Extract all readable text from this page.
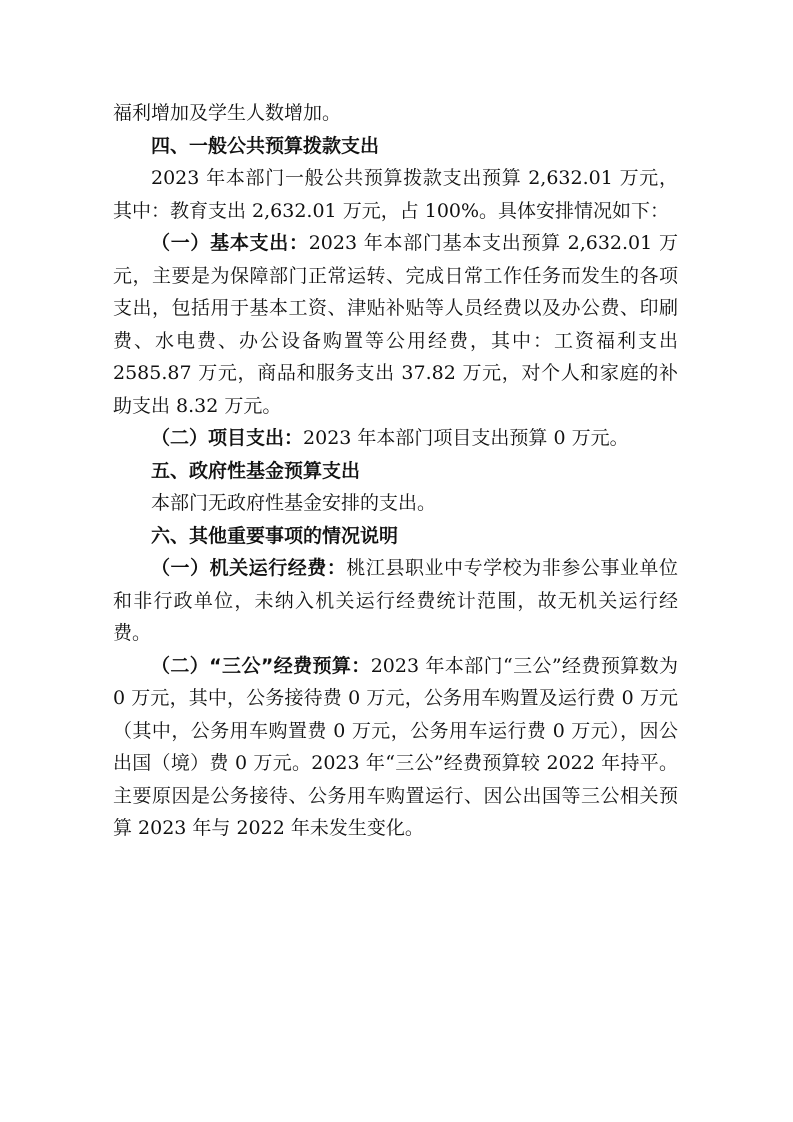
福利增加及学生人数增加。

四、一般公共预算拨款支出

2023 年本部门一般公共预算拨款支出预算 2,632.01 万元，其中：教育支出 2,632.01 万元，占 100%。具体安排情况如下：

（一）基本支出：2023 年本部门基本支出预算 2,632.01 万元，主要是为保障部门正常运转、完成日常工作任务而发生的各项支出，包括用于基本工资、津贴补贴等人员经费以及办公费、印刷费、水电费、办公设备购置等公用经费，其中：工资福利支出 2585.87 万元，商品和服务支出 37.82 万元，对个人和家庭的补助支出 8.32 万元。

（二）项目支出：2023 年本部门项目支出预算 0 万元。

五、政府性基金预算支出

本部门无政府性基金安排的支出。

六、其他重要事项的情况说明

（一）机关运行经费：桃江县职业中专学校为非参公事业单位和非行政单位，未纳入机关运行经费统计范围，故无机关运行经费。

（二）“三公”经费预算：2023 年本部门“三公”经费预算数为 0 万元，其中，公务接待费 0 万元，公务用车购置及运行费 0 万元（其中，公务用车购置费 0 万元，公务用车运行费 0 万元），因公出国（境）费 0 万元。2023 年“三公”经费预算较 2022 年持平。主要原因是公务接待、公务用车购置运行、因公出国等三公相关预算 2023 年与 2022 年未发生变化。
